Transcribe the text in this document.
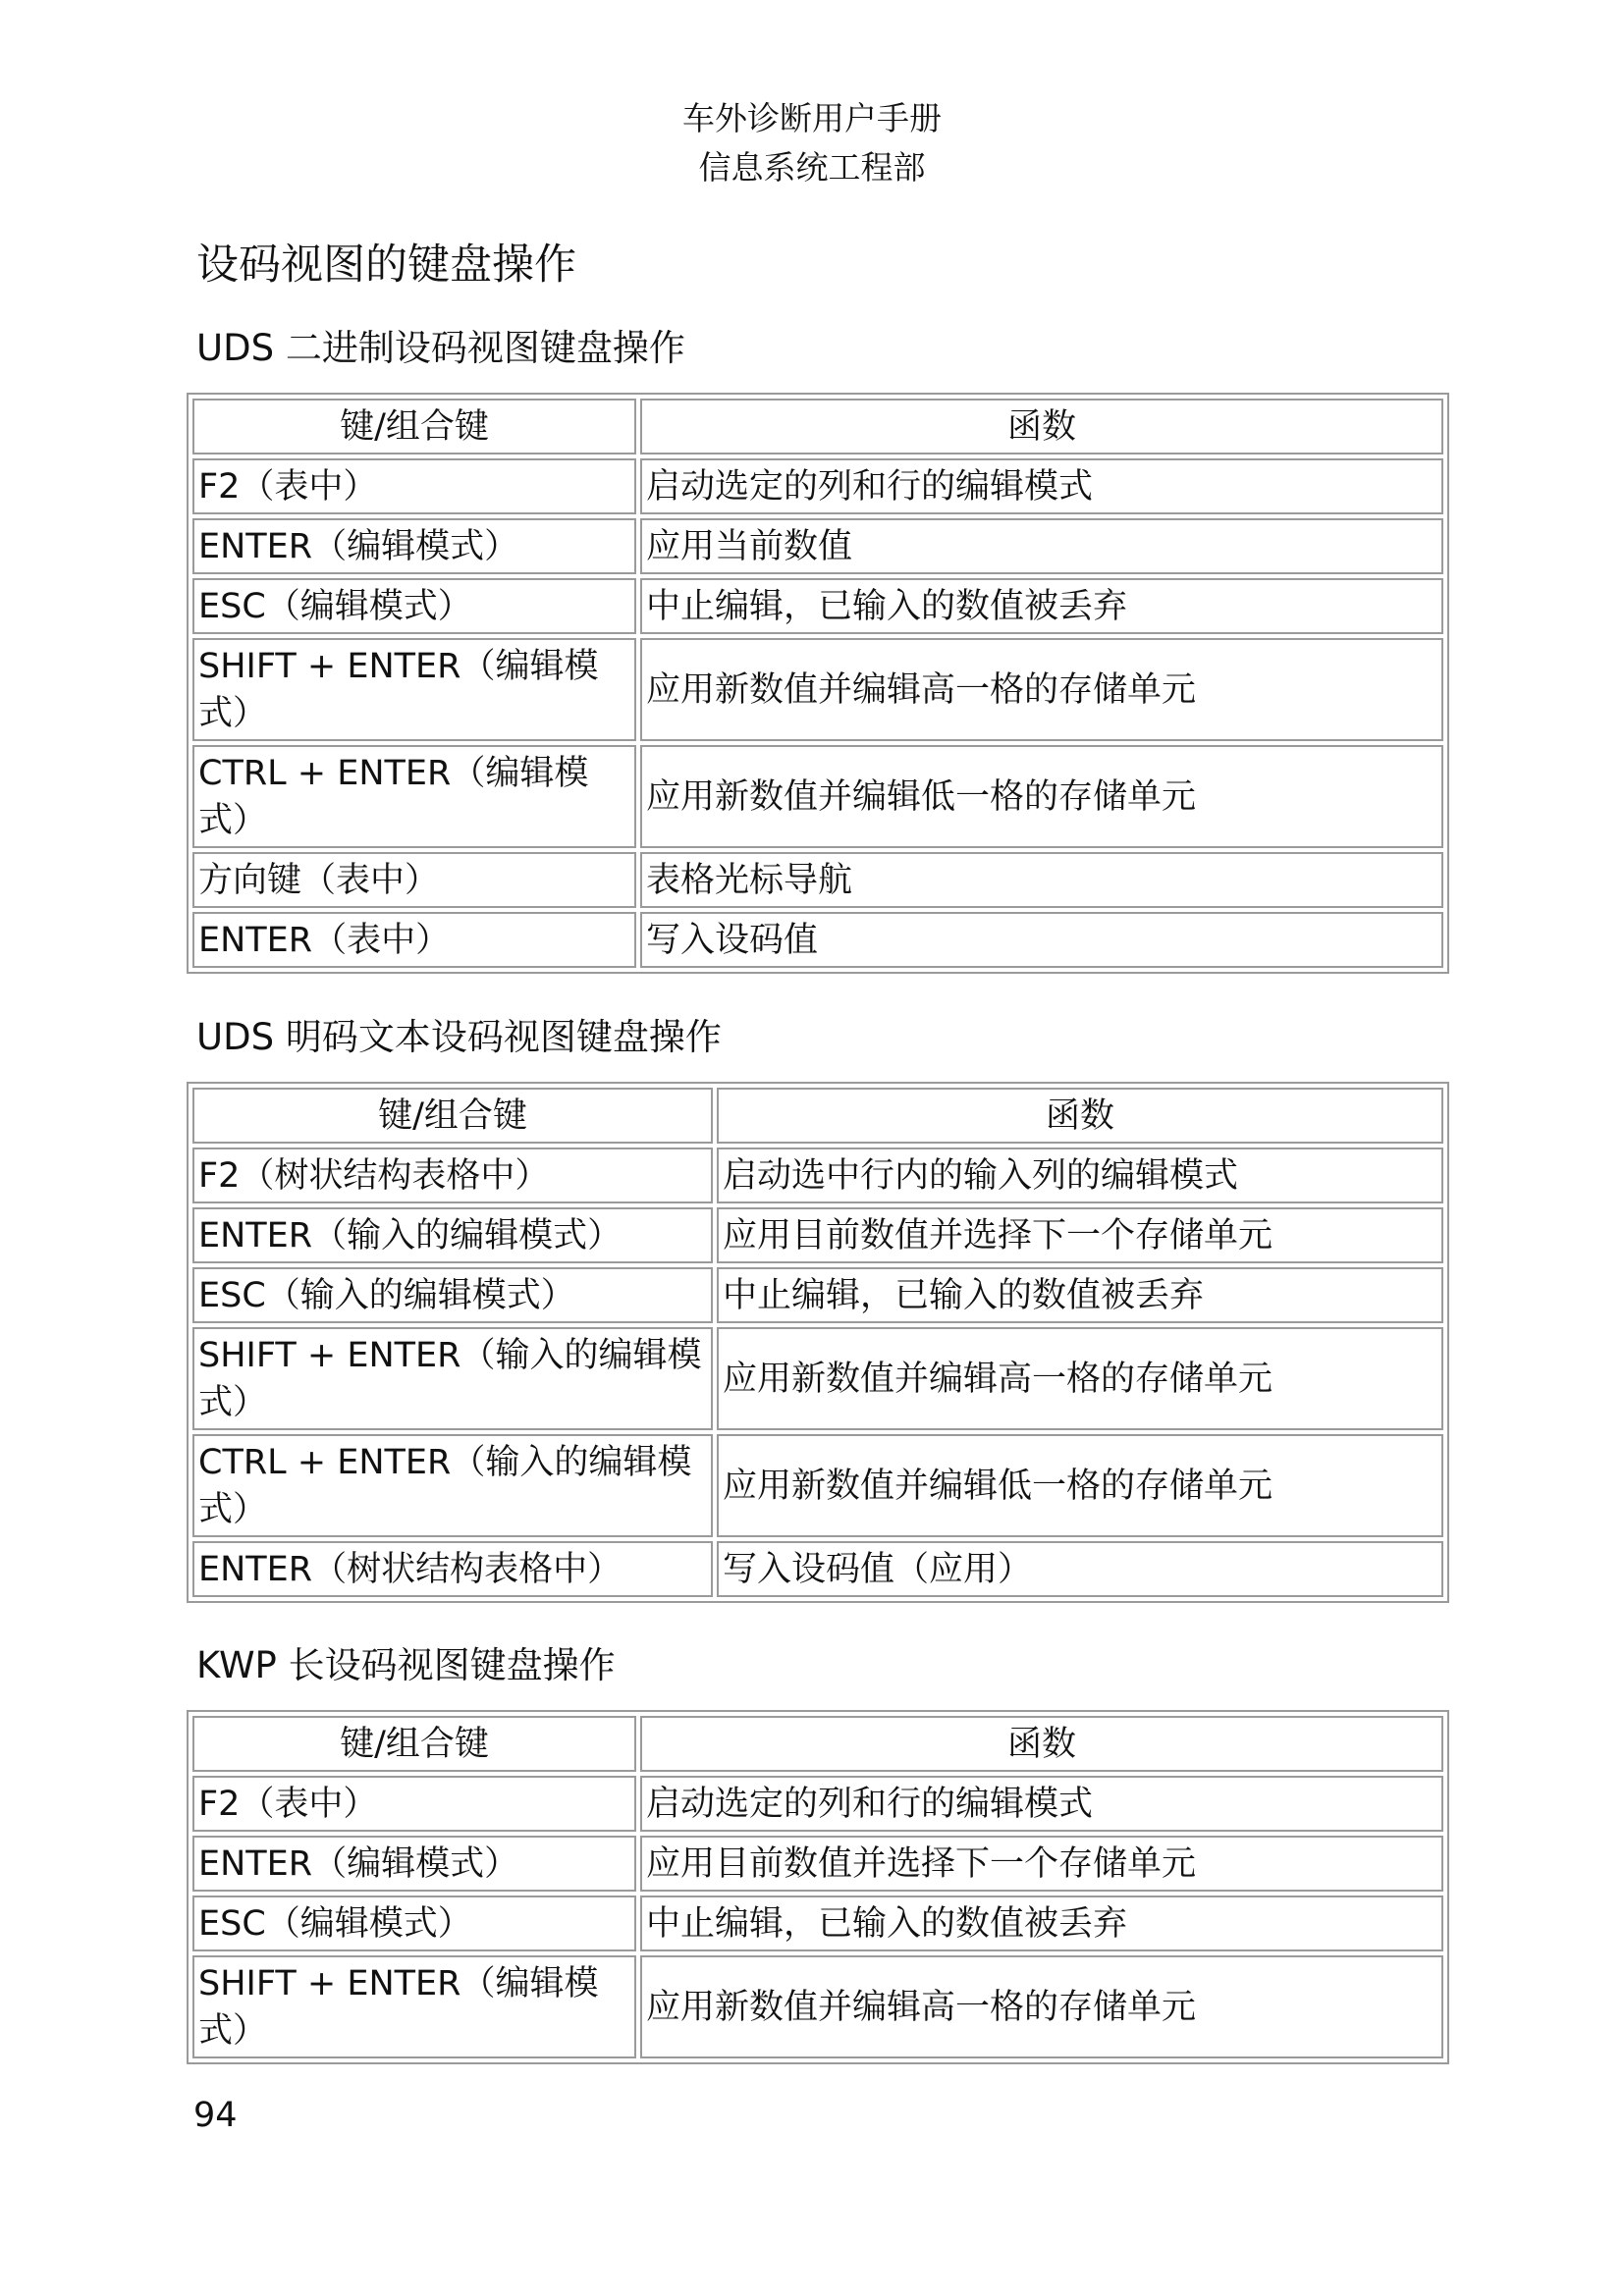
车外诊断用户手册
信息系统工程部
设码视图的键盘操作
UDS 二进制设码视图键盘操作
键/组合键	函数
F2（表中）	启动选定的列和行的编辑模式
ENTER（编辑模式）	应用当前数值
ESC（编辑模式）	中止编辑，已输入的数值被丢弃
SHIFT + ENTER（编辑模式）	应用新数值并编辑高一格的存储单元
CTRL + ENTER（编辑模式）	应用新数值并编辑低一格的存储单元
方向键（表中）	表格光标导航
ENTER（表中）	写入设码值
UDS 明码文本设码视图键盘操作
键/组合键	函数
F2（树状结构表格中）	启动选中行内的输入列的编辑模式
ENTER（输入的编辑模式）	应用目前数值并选择下一个存储单元
ESC（输入的编辑模式）	中止编辑，已输入的数值被丢弃
SHIFT + ENTER（输入的编辑模式）	应用新数值并编辑高一格的存储单元
CTRL + ENTER（输入的编辑模式）	应用新数值并编辑低一格的存储单元
ENTER（树状结构表格中）	写入设码值（应用）
KWP 长设码视图键盘操作
键/组合键	函数
F2（表中）	启动选定的列和行的编辑模式
ENTER（编辑模式）	应用目前数值并选择下一个存储单元
ESC（编辑模式）	中止编辑，已输入的数值被丢弃
SHIFT + ENTER（编辑模式）	应用新数值并编辑高一格的存储单元
94
